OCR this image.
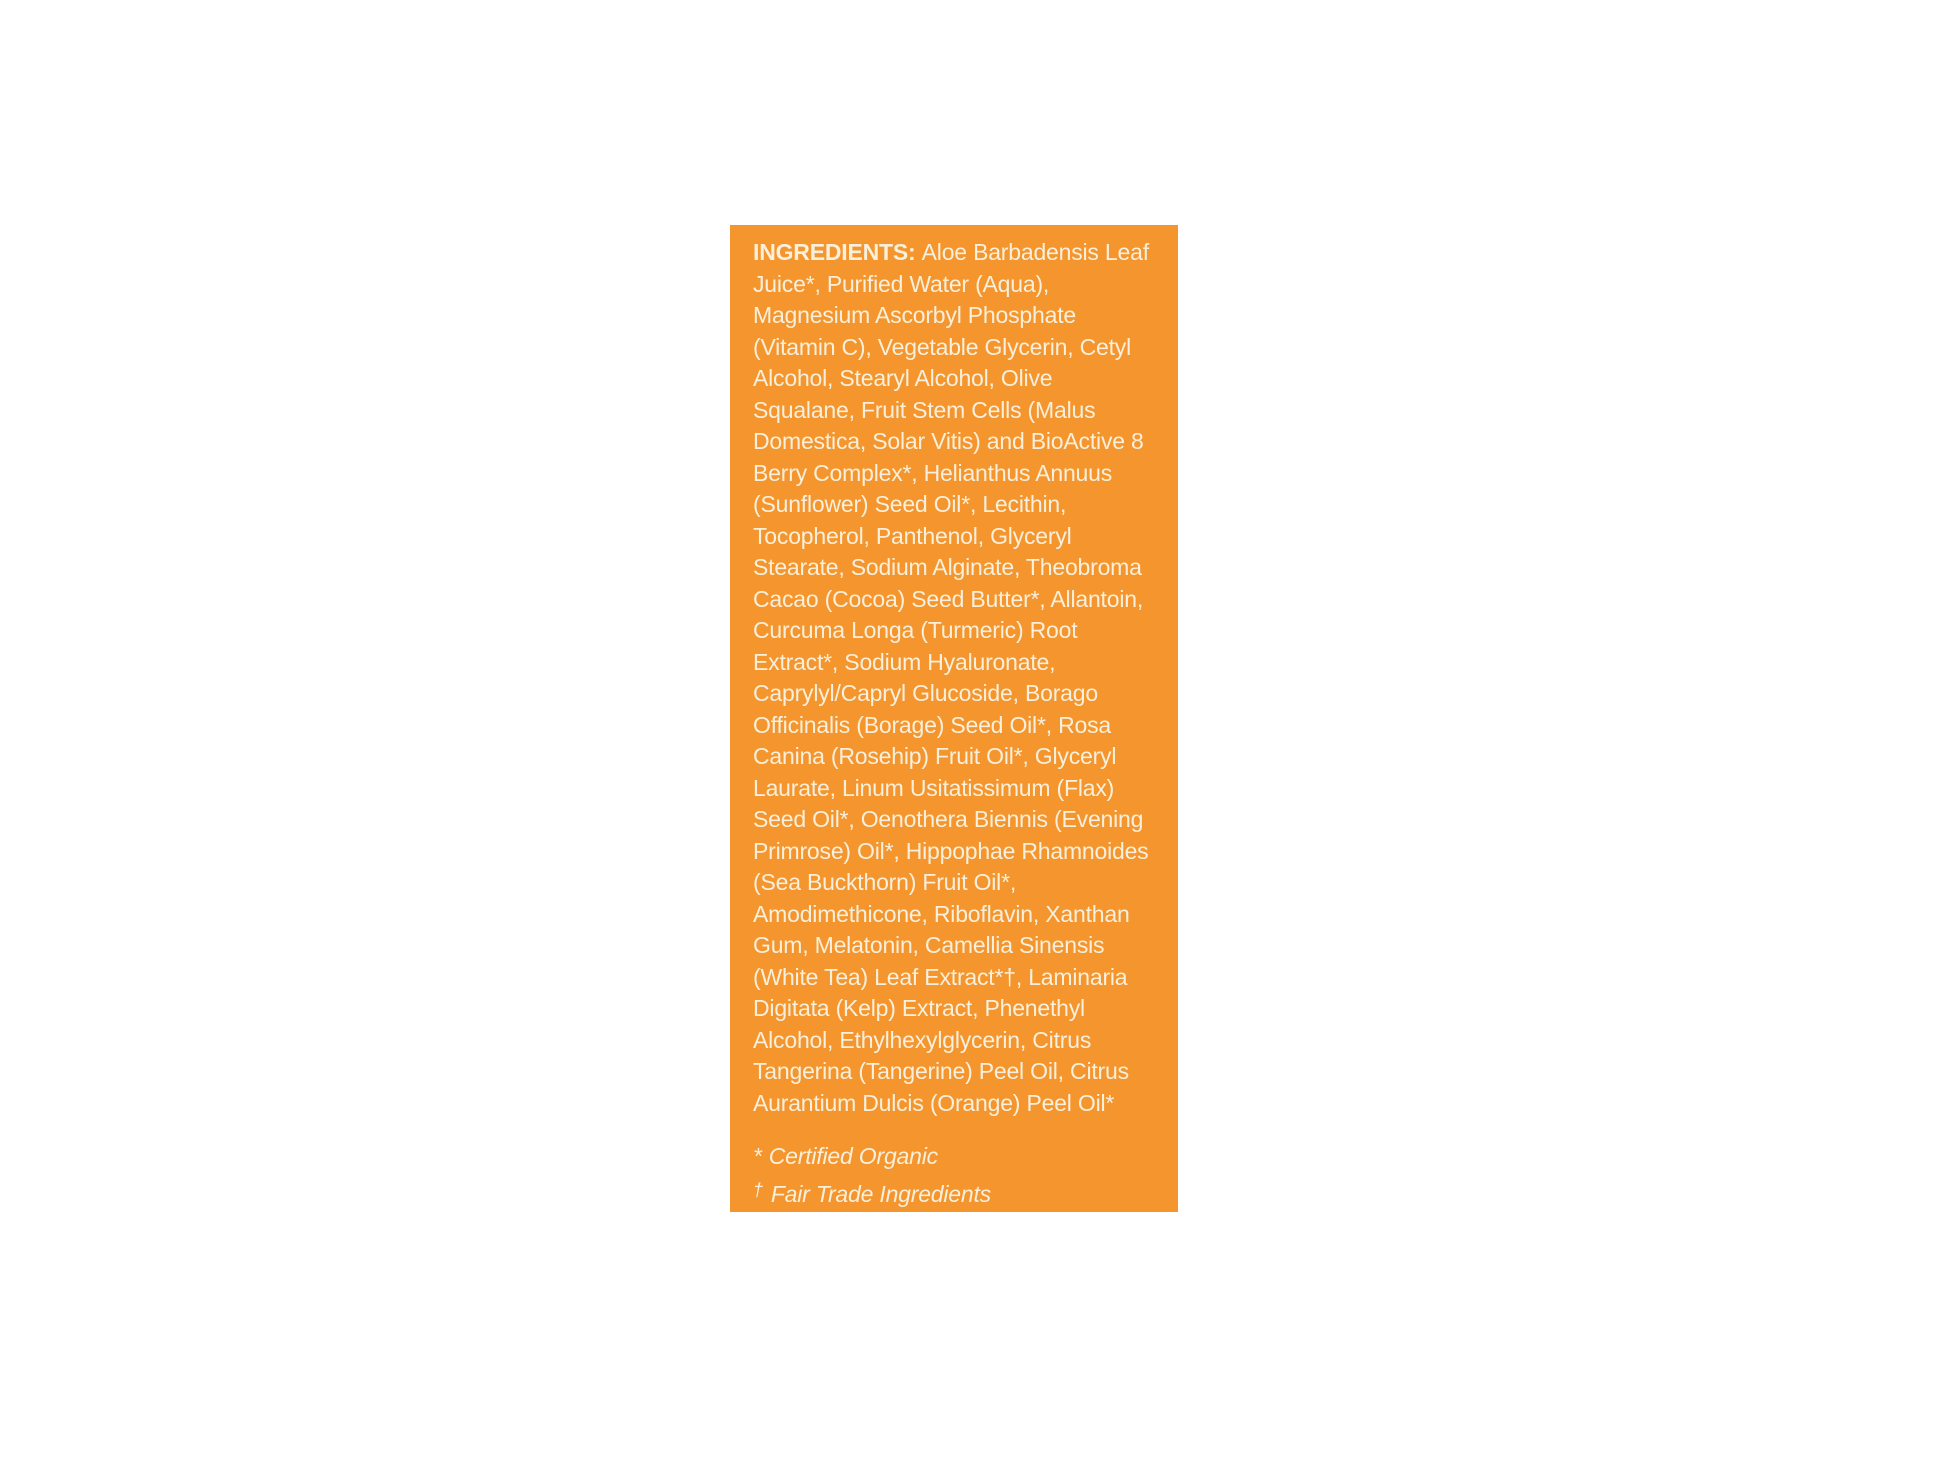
INGREDIENTS: Aloe Barbadensis Leaf
Juice*, Purified Water (Aqua),
Magnesium Ascorbyl Phosphate
(Vitamin C), Vegetable Glycerin, Cetyl
Alcohol, Stearyl Alcohol, Olive
Squalane, Fruit Stem Cells (Malus
Domestica, Solar Vitis) and BioActive 8
Berry Complex*, Helianthus Annuus
(Sunflower) Seed Oil*, Lecithin,
Tocopherol, Panthenol, Glyceryl
Stearate, Sodium Alginate, Theobroma
Cacao (Cocoa) Seed Butter*, Allantoin,
Curcuma Longa (Turmeric) Root
Extract*, Sodium Hyaluronate,
Caprylyl/Capryl Glucoside, Borago
Officinalis (Borage) Seed Oil*, Rosa
Canina (Rosehip) Fruit Oil*, Glyceryl
Laurate, Linum Usitatissimum (Flax)
Seed Oil*, Oenothera Biennis (Evening
Primrose) Oil*, Hippophae Rhamnoides
(Sea Buckthorn) Fruit Oil*,
Amodimethicone, Riboflavin, Xanthan
Gum, Melatonin, Camellia Sinensis
(White Tea) Leaf Extract*†, Laminaria
Digitata (Kelp) Extract, Phenethyl
Alcohol, Ethylhexylglycerin, Citrus
Tangerina (Tangerine) Peel Oil, Citrus
Aurantium Dulcis (Orange) Peel Oil*
* Certified Organic
† Fair Trade Ingredients
